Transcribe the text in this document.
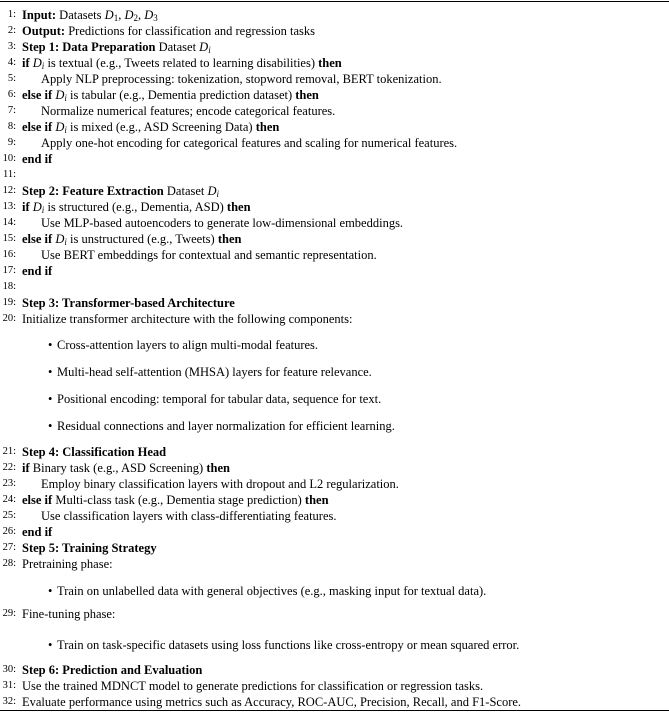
1: Input: Datasets $D_1$, $D_2$, $D_3$
2: Output: Predictions for classification and regression tasks
3: Step 1: Data Preparation Dataset $D_i$
4: if $D_i$ is textual (e.g., Tweets related to learning disabilities) then
5: Apply NLP preprocessing: tokenization, stopword removal, BERT tokenization.
6: else if $D_i$ is tabular (e.g., Dementia prediction dataset) then
7: Normalize numerical features; encode categorical features.
8: else if $D_i$ is mixed (e.g., ASD Screening Data) then
9: Apply one-hot encoding for categorical features and scaling for numerical features.
10: end if
11:
12: Step 2: Feature Extraction Dataset $D_i$
13: if $D_i$ is structured (e.g., Dementia, ASD) then
14: Use MLP-based autoencoders to generate low-dimensional embeddings.
15: else if $D_i$ is unstructured (e.g., Tweets) then
16: Use BERT embeddings for contextual and semantic representation.
17: end if
18:
19: Step 3: Transformer-based Architecture
20: Initialize transformer architecture with the following components:
21: Step 4: Classification Head
22: if Binary task (e.g., ASD Screening) then
23: Employ binary classification layers with dropout and L2 regularization.
24: else if Multi-class task (e.g., Dementia stage prediction) then
25: Use classification layers with class-differentiating features.
26: end if
27: Step 5: Training Strategy
28: Pretraining phase:
29: Fine-tuning phase:
30: Step 6: Prediction and Evaluation
31: Use the trained MDNCT model to generate predictions for classification or regression tasks.
32: Evaluate performance using metrics such as Accuracy, ROC-AUC, Precision, Recall, and F1-Score.
• Cross-attention layers to align multi-modal features.
• Multi-head self-attention (MHSA) layers for feature relevance.
• Positional encoding: temporal for tabular data, sequence for text.
• Residual connections and layer normalization for efficient learning.
• Train on unlabelled data with general objectives (e.g., masking input for textual data).
• Train on task-specific datasets using loss functions like cross-entropy or mean squared error.
